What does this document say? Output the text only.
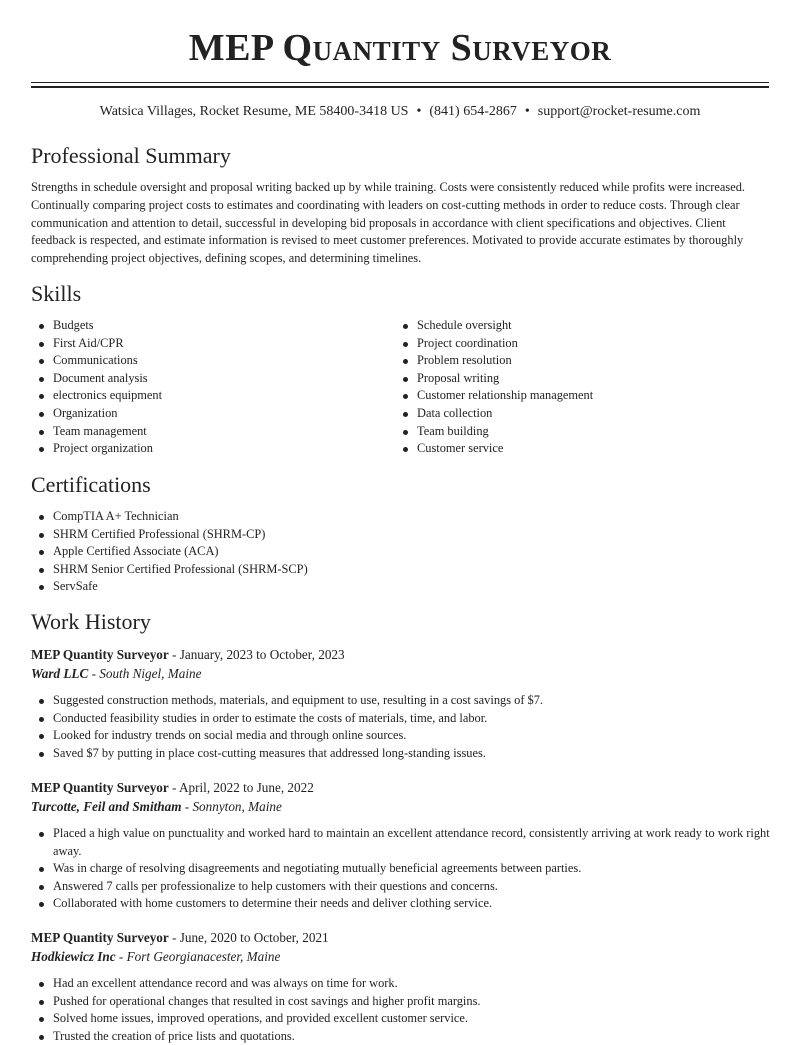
MEP Quantity Surveyor
Watsica Villages, Rocket Resume, ME 58400-3418 US • (841) 654-2867 • support@rocket-resume.com
Professional Summary

Strengths in schedule oversight and proposal writing backed up by while training. Costs were consistently reduced while profits were increased. Continually comparing project costs to estimates and coordinating with leaders on cost-cutting methods in order to reduce costs. Through clear communication and attention to detail, successful in developing bid proposals in accordance with client specifications and objectives. Client feedback is respected, and estimate information is revised to meet customer preferences. Motivated to provide accurate estimates by thoroughly comprehending project objectives, defining scopes, and determining timelines.

Skills
Budgets
First Aid/CPR
Communications
Document analysis
electronics equipment
Organization
Team management
Project organization
Schedule oversight
Project coordination
Problem resolution
Proposal writing
Customer relationship management
Data collection
Team building
Customer service
Certifications
CompTIA A+ Technician
SHRM Certified Professional (SHRM-CP)
Apple Certified Associate (ACA)
SHRM Senior Certified Professional (SHRM-SCP)
ServSafe
Work History
MEP Quantity Surveyor - January, 2023 to October, 2023
Ward LLC - South Nigel, Maine
Suggested construction methods, materials, and equipment to use, resulting in a cost savings of $7.
Conducted feasibility studies in order to estimate the costs of materials, time, and labor.
Looked for industry trends on social media and through online sources.
Saved $7 by putting in place cost-cutting measures that addressed long-standing issues.
MEP Quantity Surveyor - April, 2022 to June, 2022
Turcotte, Feil and Smitham - Sonnyton, Maine
Placed a high value on punctuality and worked hard to maintain an excellent attendance record, consistently arriving at work ready to work right away.
Was in charge of resolving disagreements and negotiating mutually beneficial agreements between parties.
Answered 7 calls per professionalize to help customers with their questions and concerns.
Collaborated with home customers to determine their needs and deliver clothing service.
MEP Quantity Surveyor - June, 2020 to October, 2021
Hodkiewicz Inc - Fort Georgianacester, Maine
Had an excellent attendance record and was always on time for work.
Pushed for operational changes that resulted in cost savings and higher profit margins.
Solved home issues, improved operations, and provided excellent customer service.
Trusted the creation of price lists and quotations.
